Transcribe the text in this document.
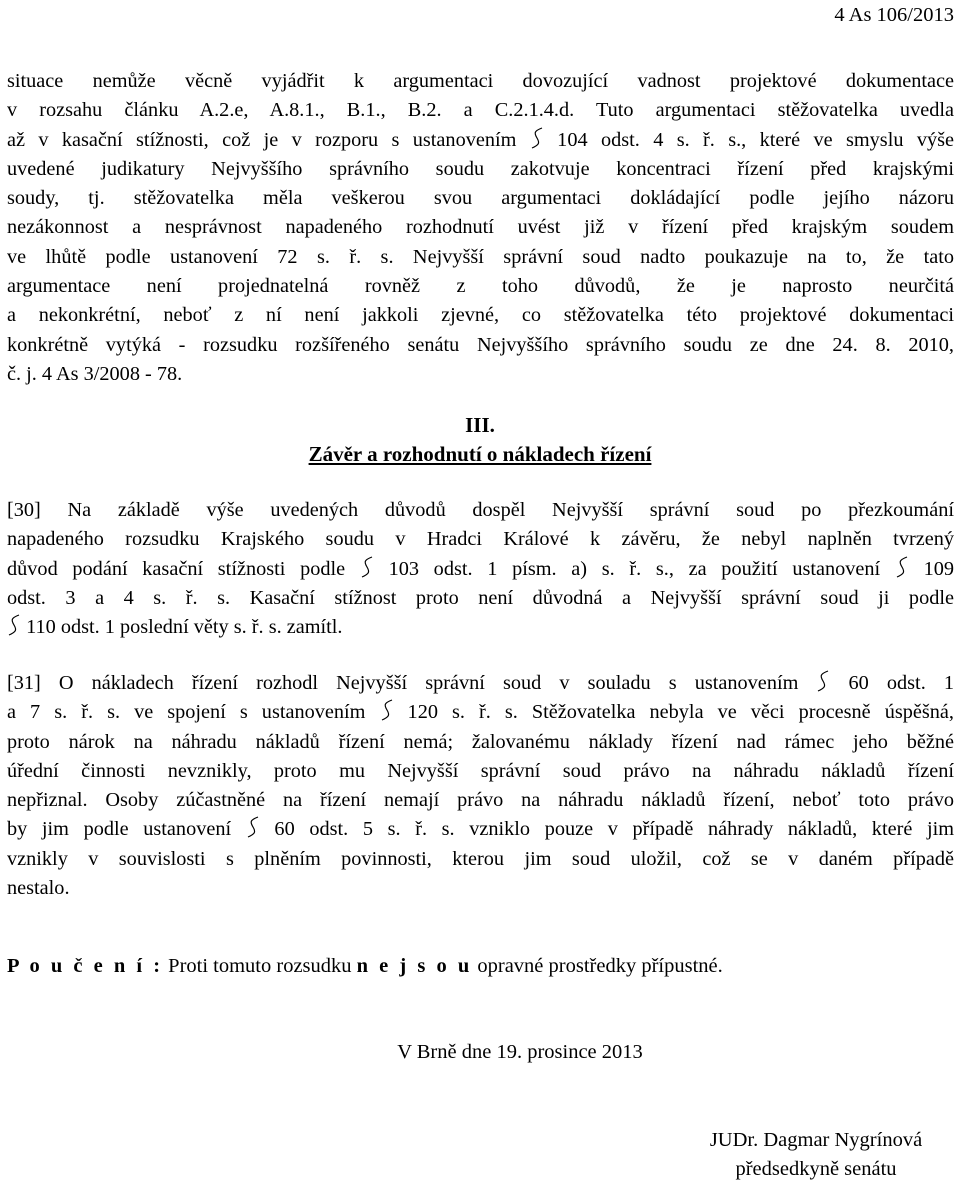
4 As 106/2013
situace nemůže věcně vyjádřit k argumentaci dovozující vadnost projektové dokumentace
v rozsahu článku A.2.e, A.8.1., B.1., B.2. a C.2.1.4.d. Tuto argumentaci stěžovatelka uvedla
až v kasační stížnosti, což je v rozporu s ustanovením 104 odst. 4 s. ř. s., které ve smyslu výše
uvedené judikatury Nejvyššího správního soudu zakotvuje koncentraci řízení před krajskými
soudy, tj. stěžovatelka měla veškerou svou argumentaci dokládající podle jejího názoru
nezákonnost a nesprávnost napadeného rozhodnutí uvést již v řízení před krajským soudem
ve lhůtě podle ustanovení 72 s. ř. s. Nejvyšší správní soud nadto poukazuje na to, že tato
argumentace není projednatelná rovněž z toho důvodů, že je naprosto neurčitá
a nekonkrétní, neboť z ní není jakkoli zjevné, co stěžovatelka této projektové dokumentaci
konkrétně vytýká - rozsudku rozšířeného senátu Nejvyššího správního soudu ze dne 24. 8. 2010,
č. j. 4 As 3/2008 - 78.
III.
Závěr a rozhodnutí o nákladech řízení
[30] Na základě výše uvedených důvodů dospěl Nejvyšší správní soud po přezkoumání
napadeného rozsudku Krajského soudu v Hradci Králové k závěru, že nebyl naplněn tvrzený
důvod podání kasační stížnosti podle 103 odst. 1 písm. a) s. ř. s., za použití ustanovení 109
odst. 3 a 4 s. ř. s. Kasační stížnost proto není důvodná a Nejvyšší správní soud ji podle
110 odst. 1 poslední věty s. ř. s. zamítl.
[31] O nákladech řízení rozhodl Nejvyšší správní soud v souladu s ustanovením 60 odst. 1
a 7 s. ř. s. ve spojení s ustanovením 120 s. ř. s. Stěžovatelka nebyla ve věci procesně úspěšná,
proto nárok na náhradu nákladů řízení nemá; žalovanému náklady řízení nad rámec jeho běžné
úřední činnosti nevznikly, proto mu Nejvyšší správní soud právo na náhradu nákladů řízení
nepřiznal. Osoby zúčastněné na řízení nemají právo na náhradu nákladů řízení, neboť toto právo
by jim podle ustanovení 60 odst. 5 s. ř. s. vzniklo pouze v případě náhrady nákladů, které jim
vznikly v souvislosti s plněním povinnosti, kterou jim soud uložil, což se v daném případě
nestalo.
P o u č e n í : Proti tomuto rozsudku n e j s o u opravné prostředky přípustné.
V Brně dne 19. prosince 2013
JUDr. Dagmar Nygrínová
předsedkyně senátu
